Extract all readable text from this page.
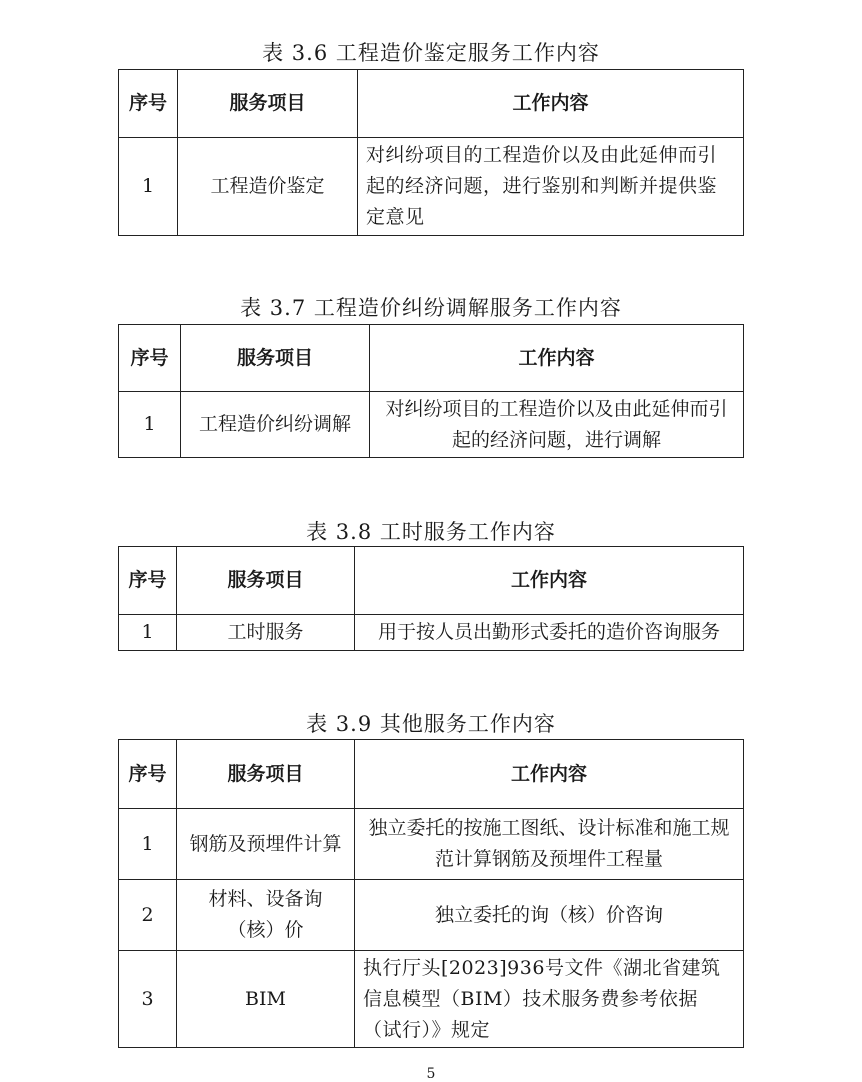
表 3.6 工程造价鉴定服务工作内容
序号	服务项目	工作内容
1	工程造价鉴定	对纠纷项目的工程造价以及由此延伸而引起的经济问题，进行鉴别和判断并提供鉴定意见
表 3.7 工程造价纠纷调解服务工作内容
序号	服务项目	工作内容
1	工程造价纠纷调解	对纠纷项目的工程造价以及由此延伸而引起的经济问题，进行调解
表 3.8 工时服务工作内容
序号	服务项目	工作内容
1	工时服务	用于按人员出勤形式委托的造价咨询服务
表 3.9 其他服务工作内容
序号	服务项目	工作内容
1	钢筋及预埋件计算	独立委托的按施工图纸、设计标准和施工规范计算钢筋及预埋件工程量
2	材料、设备询（核）价	独立委托的询（核）价咨询
3	BIM	执行厅头[2023]936号文件《湖北省建筑信息模型（BIM）技术服务费参考依据（试行）》规定
5
